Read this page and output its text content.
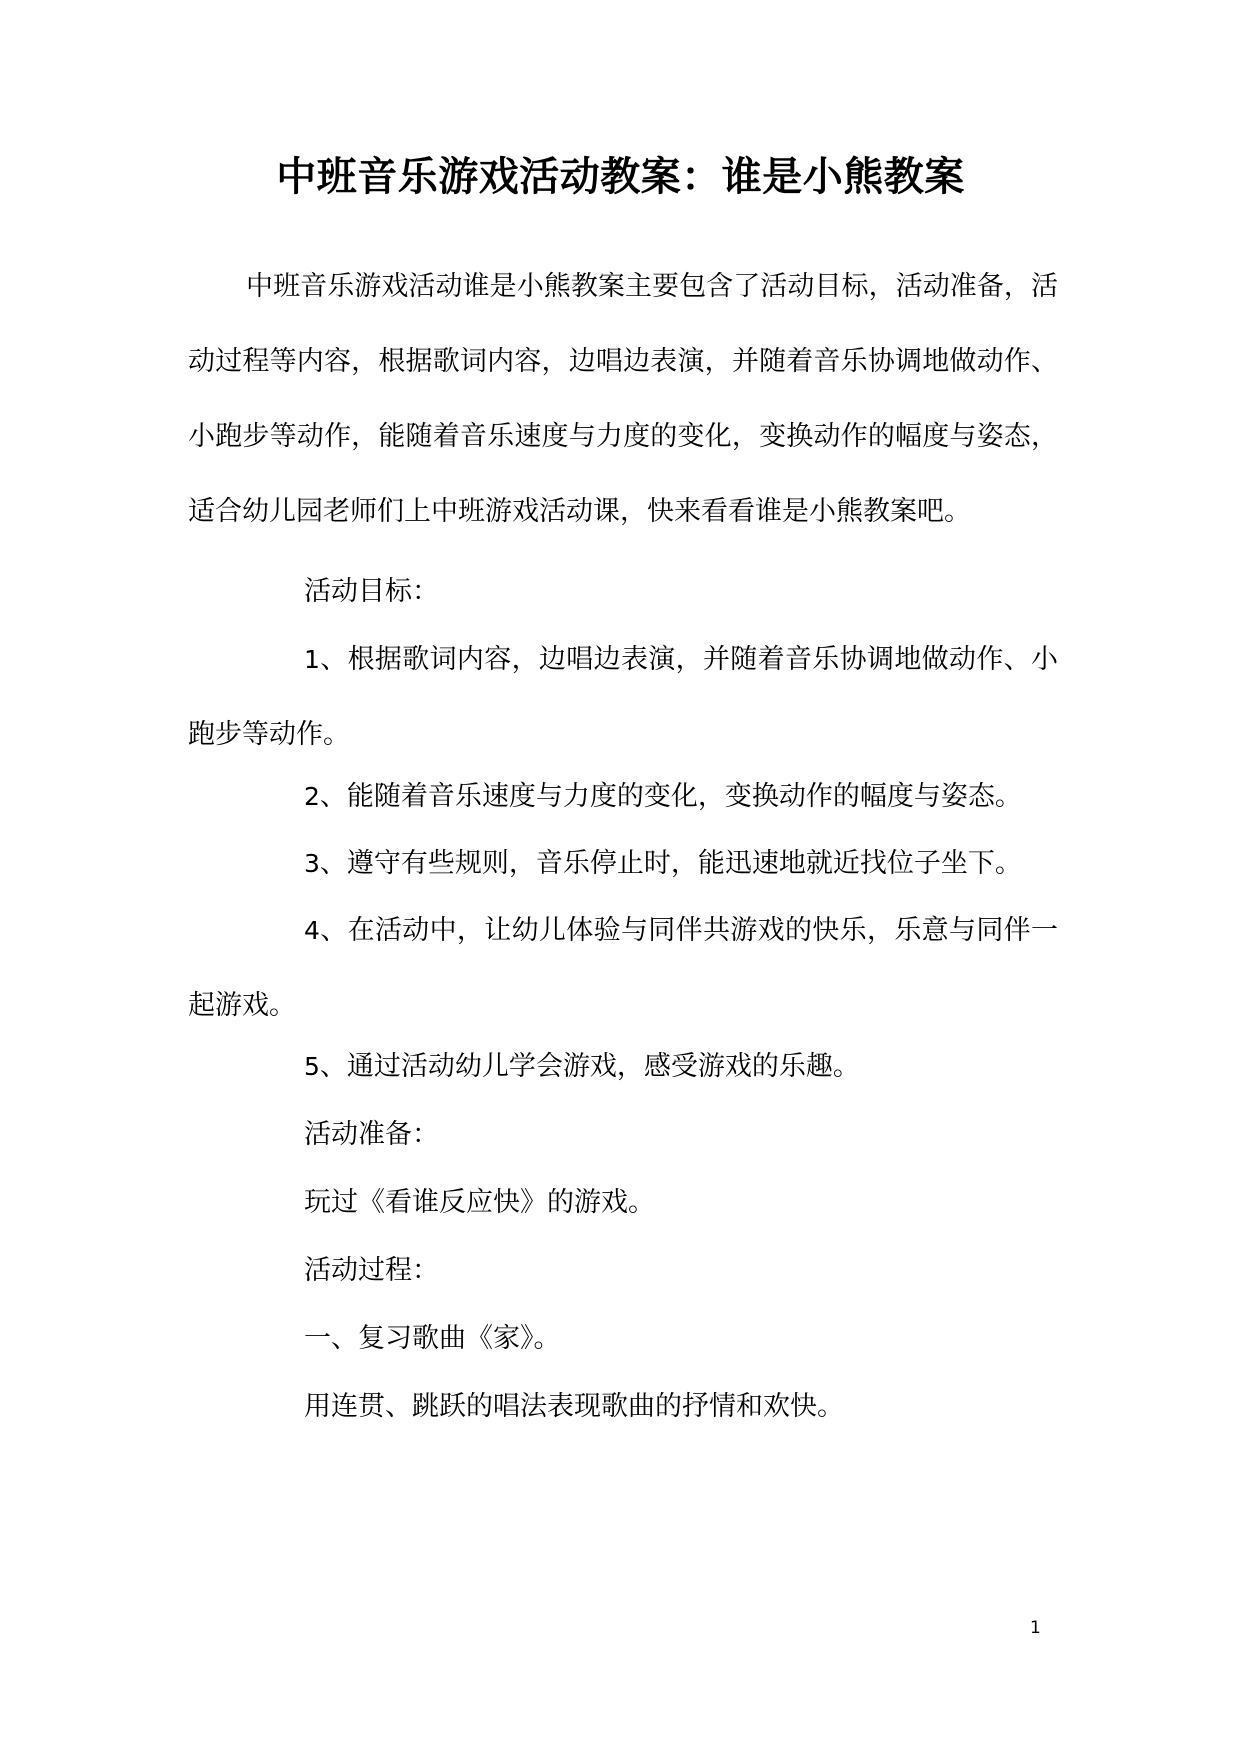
中班音乐游戏活动教案：谁是小熊教案
中班音乐游戏活动谁是小熊教案主要包含了活动目标，活动准备，活动过程等内容，根据歌词内容，边唱边表演，并随着音乐协调地做动作、小跑步等动作，能随着音乐速度与力度的变化，变换动作的幅度与姿态，适合幼儿园老师们上中班游戏活动课，快来看看谁是小熊教案吧。
活动目标：
1、根据歌词内容，边唱边表演，并随着音乐协调地做动作、小跑步等动作。
2、能随着音乐速度与力度的变化，变换动作的幅度与姿态。
3、遵守有些规则，音乐停止时，能迅速地就近找位子坐下。
4、在活动中，让幼儿体验与同伴共游戏的快乐，乐意与同伴一起游戏。
5、通过活动幼儿学会游戏，感受游戏的乐趣。
活动准备：
玩过《看谁反应快》的游戏。
活动过程：
一、复习歌曲《家》。
用连贯、跳跃的唱法表现歌曲的抒情和欢快。
1
